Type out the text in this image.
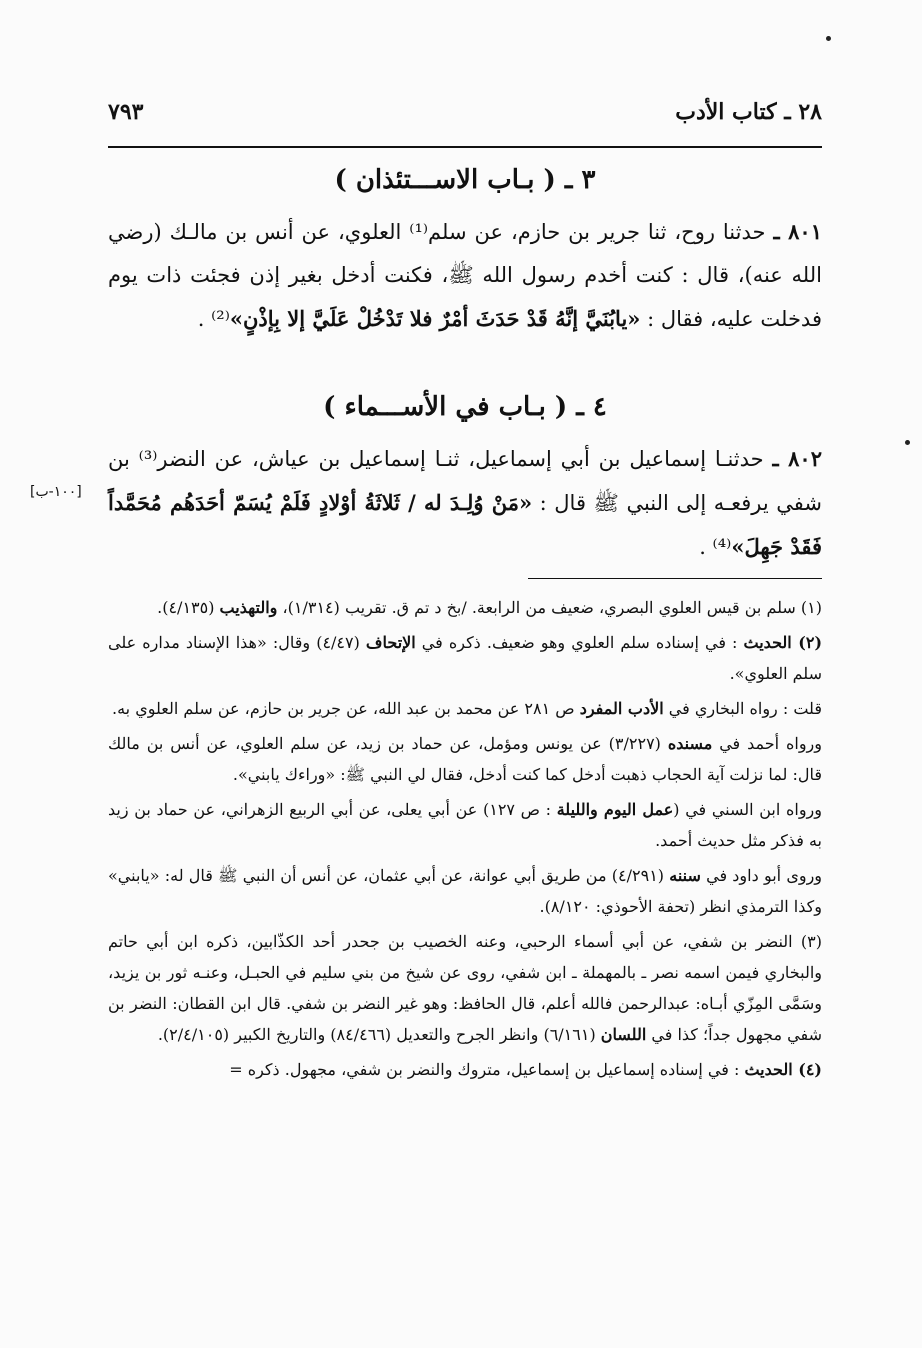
٢٨ ـ كتاب الأدب
٧٩٣
٣ ـ ( بـاب الاســـتئذان )
٨٠١ ـ حدثنا روح، ثنا جرير بن حازم، عن سلم⁽¹⁾ العلوي، عن أنس بن مالـك (رضي الله عنه)، قال : كنت أخدم رسول الله ﷺ، فكنت أدخل بغير إذن فجئت ذات يوم فدخلت عليه، فقال : «يابُنَيَّ إنَّهُ قَدْ حَدَثَ أمْرٌ فلا تَدْخُلْ عَلَيَّ إلا بِإذْنٍ»⁽²⁾ .
٤ ـ ( بـاب في الأســـماء )
٨٠٢ ـ حدثنـا إسماعيل بن أبي إسماعيل، ثنـا إسماعيل بن عياش، عن النضر⁽³⁾ بن شفي يرفعـه إلى النبي ﷺ قال : «مَنْ وُلِـدَ له / ثَلاثَةُ أوْلادٍ فَلَمْ يُسَمّ أحَدَهُم مُحَمَّداً فَقَدْ جَهِلَ»⁽⁴⁾ .
[١٠٠-ب]

(١) سلم بن قيس العلوي البصري، ضعيف من الرابعة. /بخ د تم ق. تقريب (١/٣١٤)، والتهذيب (٤/١٣٥).

(٢) الحديث : في إسناده سلم العلوي وهو ضعيف. ذكره في الإتحاف (٤/٤٧) وقال: «هذا الإسناد مداره على سلم العلوي».

قلت : رواه البخاري في الأدب المفرد ص ٢٨١ عن محمد بن عبد الله، عن جرير بن حازم، عن سلم العلوي به.

ورواه أحمد في مسنده (٣/٢٢٧) عن يونس ومؤمل، عن حماد بن زيد، عن سلم العلوي، عن أنس بن مالك قال: لما نزلت آية الحجاب ذهبت أدخل كما كنت أدخل، فقال لي النبي ﷺ: «وراءك يابني».

ورواه ابن السني في (عمل اليوم والليلة : ص ١٢٧) عن أبي يعلى، عن أبي الربيع الزهراني، عن حماد بن زيد به فذكر مثل حديث أحمد.

وروى أبو داود في سننه (٤/٢٩١) من طريق أبي عوانة، عن أبي عثمان، عن أنس أن النبي ﷺ قال له: «يابني» وكذا الترمذي انظر (تحفة الأحوذي: ٨/١٢٠).

(٣) النضر بن شفي، عن أبي أسماء الرحبي، وعنه الخصيب بن جحدر أحد الكذّابين، ذكره ابن أبي حاتم والبخاري فيمن اسمه نصر ـ بالمهملة ـ ابن شفي، روى عن شيخ من بني سليم في الحبـل، وعنـه ثور بن يزيد، وسَمَّى المِزّي أبـاه: عبدالرحمن فالله أعلم، قال الحافظ: وهو غير النضر بن شفي. قال ابن القطان: النضر بن شفي مجهول جداً؛ كذا في اللسان (٦/١٦١) وانظر الجرح والتعديل (٨٤/٤٦٦) والتاريخ الكبير (٢/٤/١٠٥).

(٤) الحديث : في إسناده إسماعيل بن إسماعيل، متروك والنضر بن شفي، مجهول. ذكره =
